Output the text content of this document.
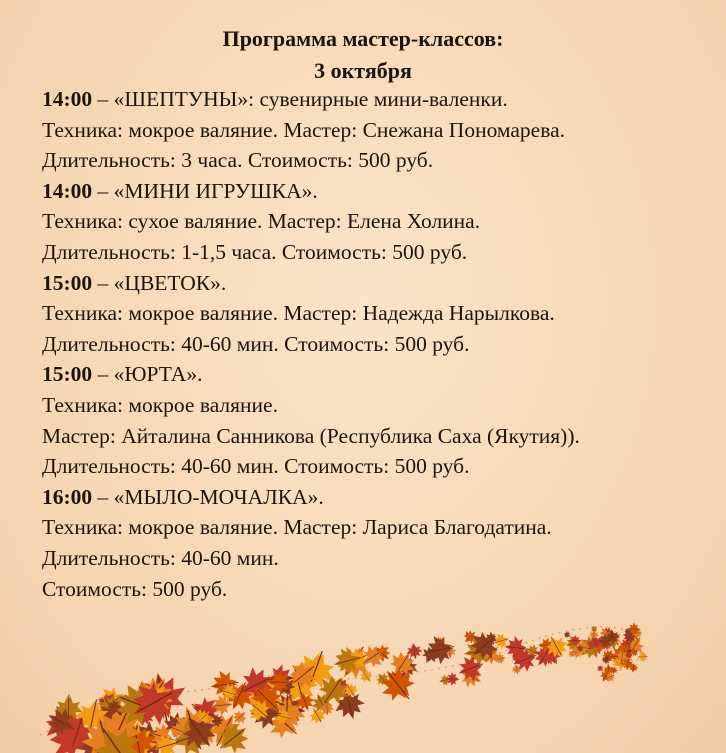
Программа мастер-классов:
3 октября
14:00 – «ШЕПТУНЫ»: сувенирные мини-валенки.
Техника: мокрое валяние. Мастер: Снежана Пономарева.
Длительность: 3 часа. Стоимость: 500 руб.
14:00 – «МИНИ ИГРУШКА».
Техника: сухое валяние. Мастер: Елена Холина.
Длительность: 1-1,5 часа. Стоимость: 500 руб.
15:00 – «ЦВЕТОК».
Техника: мокрое валяние. Мастер: Надежда Нарылкова.
Длительность: 40-60 мин. Стоимость: 500 руб.
15:00 – «ЮРТА».
Техника: мокрое валяние.
Мастер: Айталина Санникова (Республика Саха (Якутия)).
Длительность: 40-60 мин. Стоимость: 500 руб.
16:00 – «МЫЛО-МОЧАЛКА».
Техника: мокрое валяние. Мастер: Лариса Благодатина.
Длительность: 40-60 мин.
Стоимость: 500 руб.
